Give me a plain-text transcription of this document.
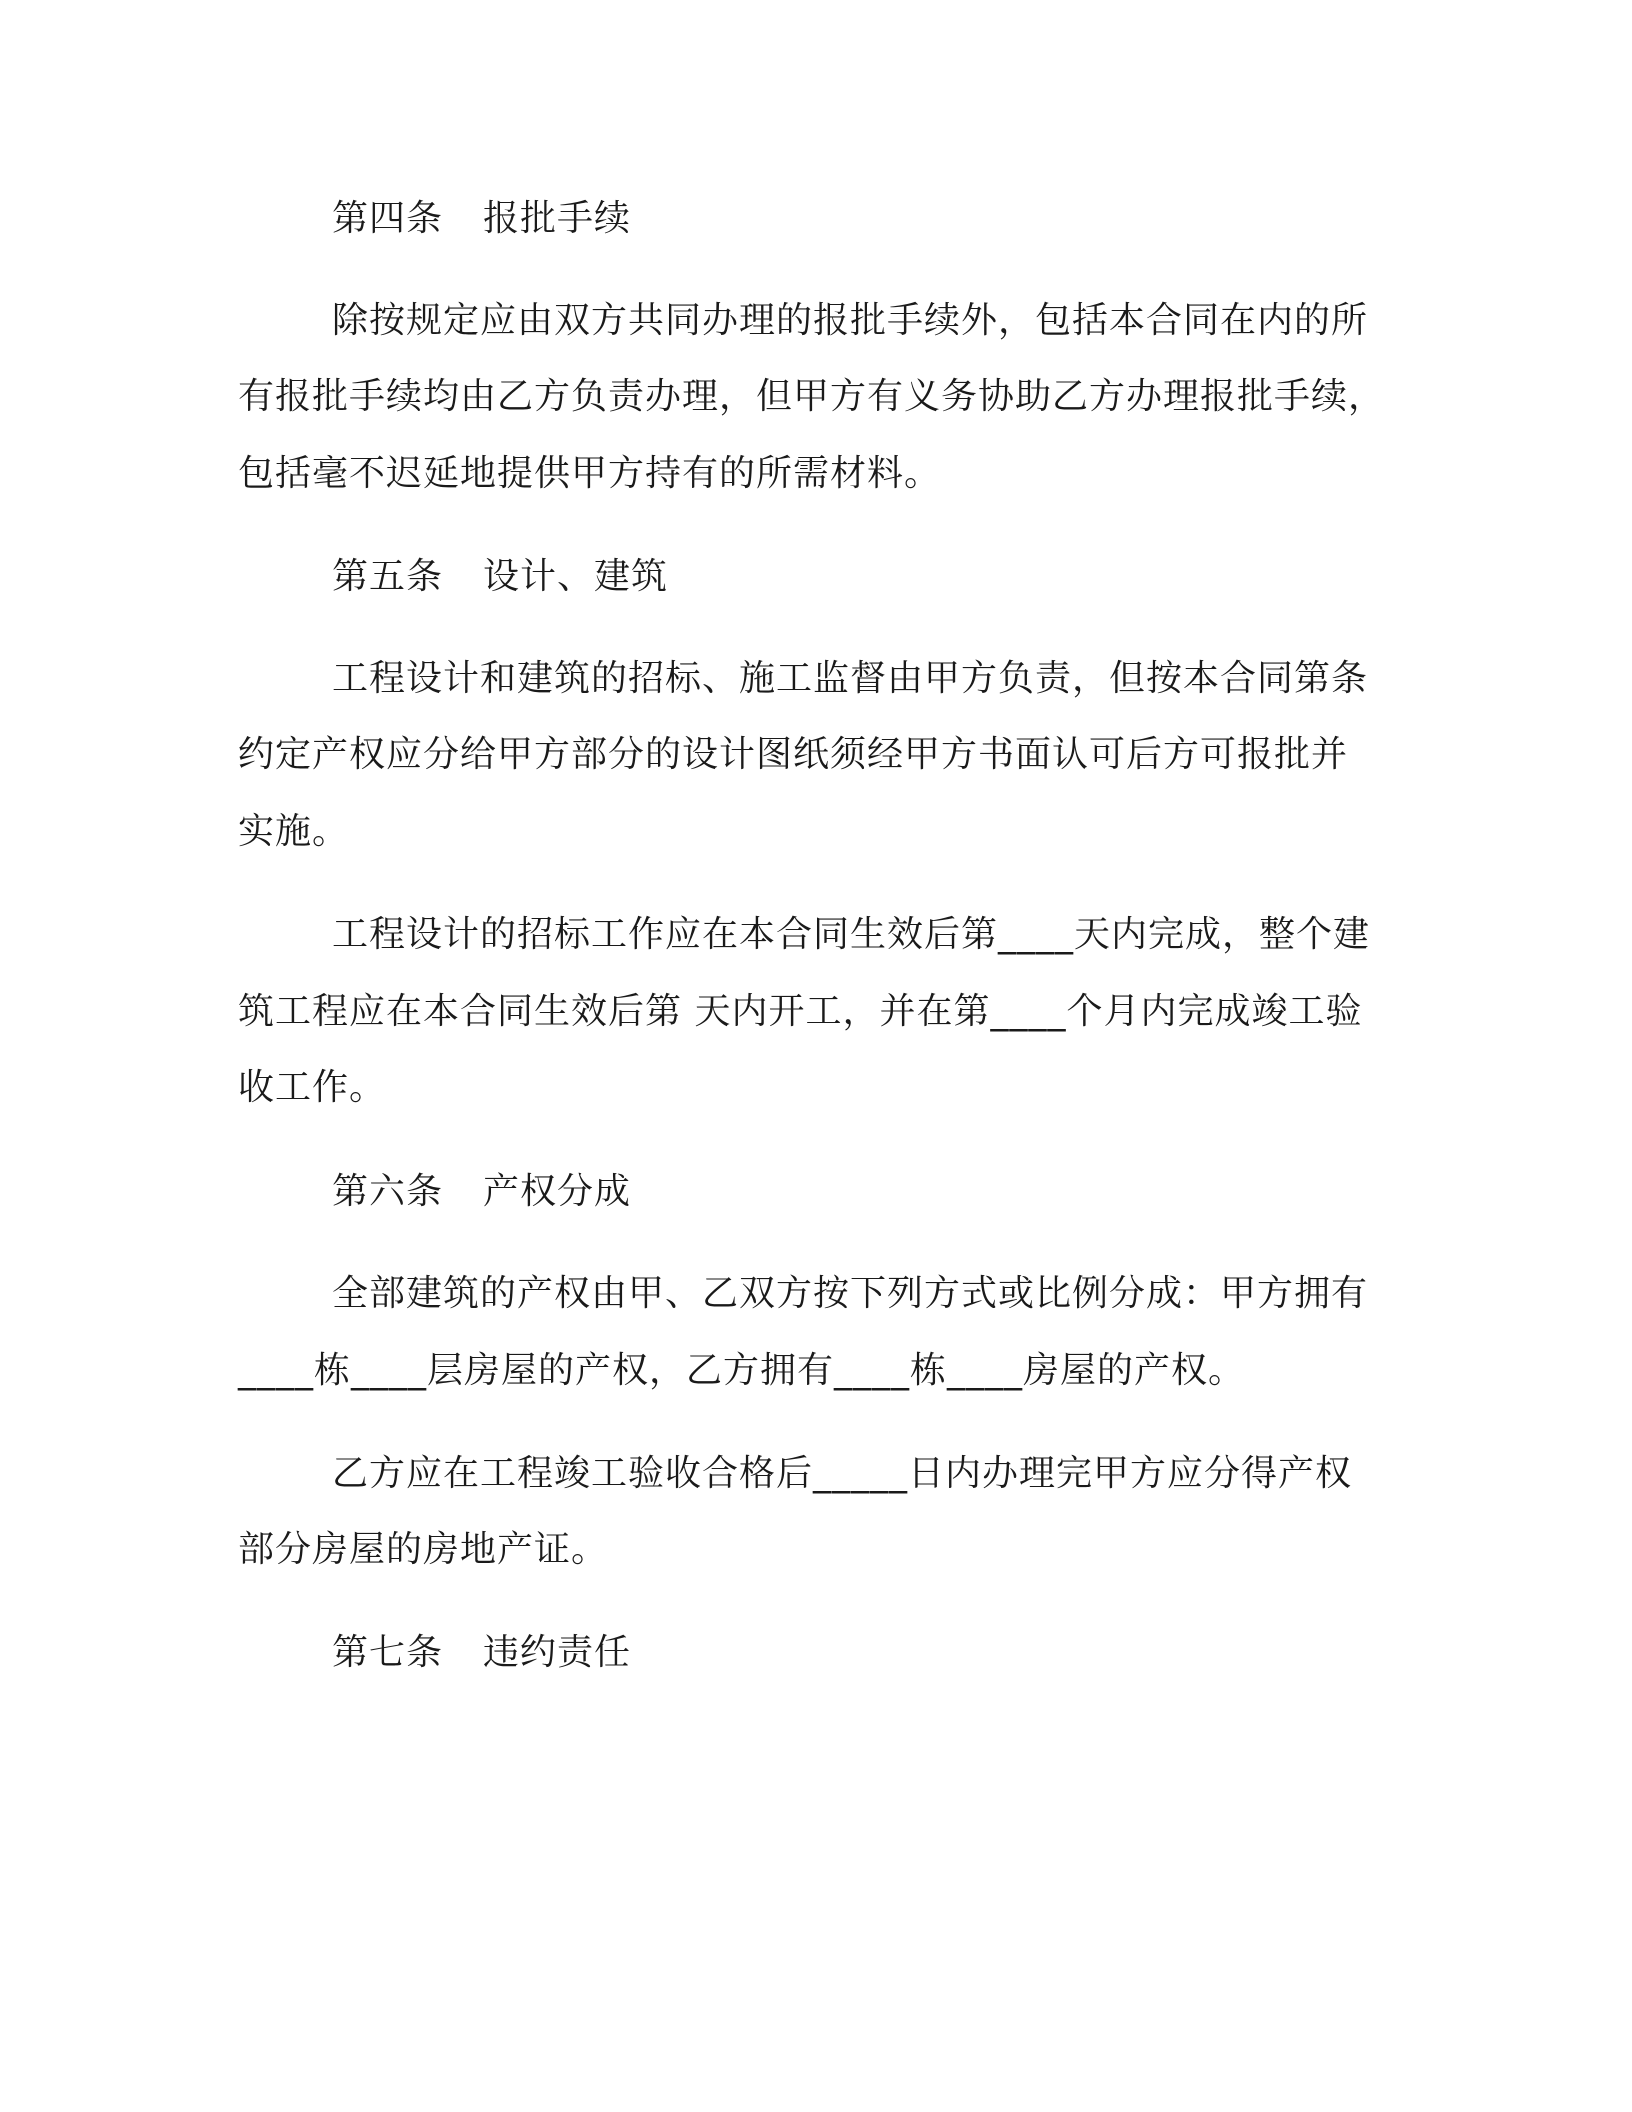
第四条 报批手续
除按规定应由双方共同办理的报批手续外，包括本合同在内的所
有报批手续均由乙方负责办理，但甲方有义务协助乙方办理报批手续，
包括毫不迟延地提供甲方持有的所需材料。
第五条 设计、建筑
工程设计和建筑的招标、施工监督由甲方负责，但按本合同第条
约定产权应分给甲方部分的设计图纸须经甲方书面认可后方可报批并
实施。
工程设计的招标工作应在本合同生效后第____天内完成，整个建
筑工程应在本合同生效后第 天内开工，并在第____个月内完成竣工验
收工作。
第六条 产权分成
全部建筑的产权由甲、乙双方按下列方式或比例分成：甲方拥有
____栋____层房屋的产权，乙方拥有____栋____房屋的产权。
乙方应在工程竣工验收合格后_____日内办理完甲方应分得产权
部分房屋的房地产证。
第七条 违约责任
